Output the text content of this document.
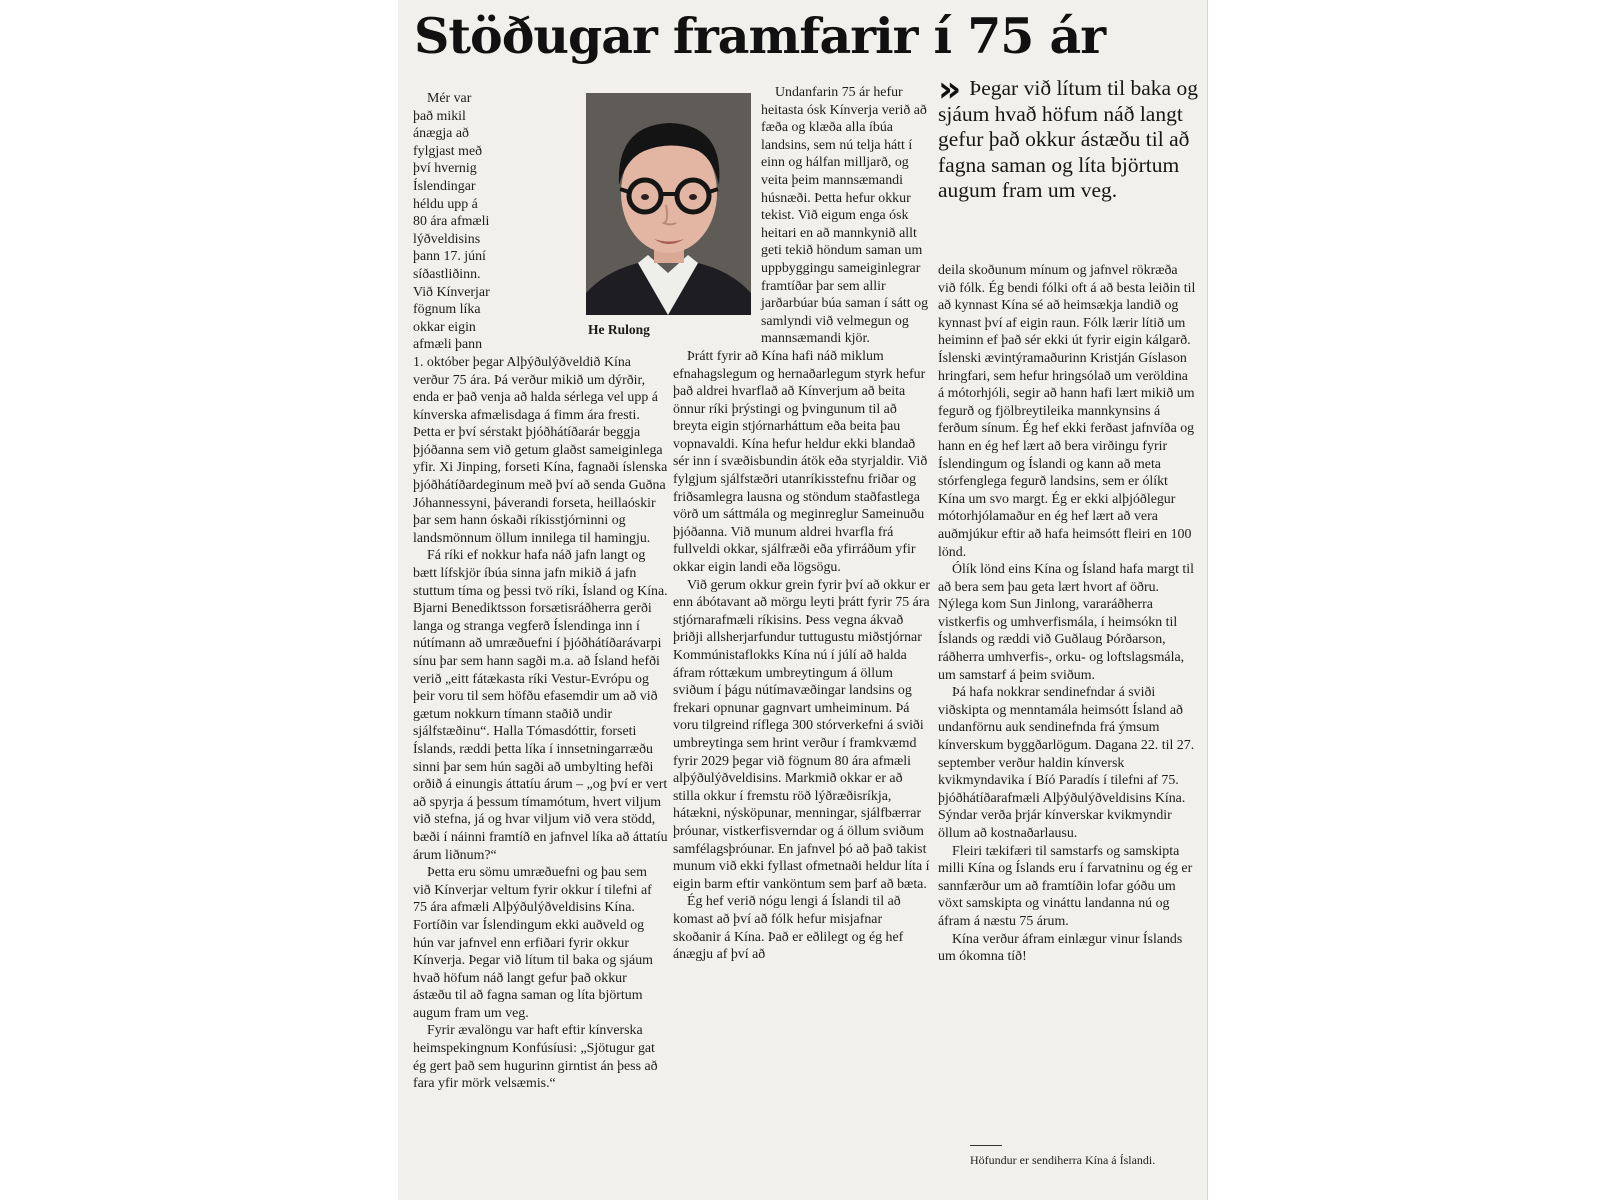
Stöðugar framfarir í 75 ár
He Rulong

Mér var það mikil ánægja að fylgjast með því hvernig Íslendingar héldu upp á 80 ára afmæli lýðveldisins þann 17. júní síðastliðinn. Við Kínverjar fögnum líka okkar eigin afmæli þann 1. október þegar Alþýðulýðveldið Kína verður 75 ára. Þá verður mikið um dýrðir, enda er það venja að halda sérlega vel upp á kínverska afmælisdaga á fimm ára fresti. Þetta er því sérstakt þjóðhátíðarár beggja þjóðanna sem við getum glaðst sameiginlega yfir. Xi Jinping, forseti Kína, fagnaði íslenska þjóðhátíðardeginum með því að senda Guðna Jóhannessyni, þáverandi forseta, heillaóskir þar sem hann óskaði ríkisstjórninni og landsmönnum öllum innilega til hamingju.

Fá ríki ef nokkur hafa náð jafn langt og bætt lífskjör íbúa sinna jafn mikið á jafn stuttum tíma og þessi tvö ríki, Ísland og Kína. Bjarni Benediktsson forsætisráðherra gerði langa og stranga vegferð Íslendinga inn í nútímann að umræðuefni í þjóðhátíðarávarpi sínu þar sem hann sagði m.a. að Ísland hefði verið „eitt fátækasta ríki Vestur-Evrópu og þeir voru til sem höfðu efasemdir um að við gætum nokkurn tímann staðið undir sjálfstæðinu“. Halla Tómasdóttir, forseti Íslands, ræddi þetta líka í innsetningarræðu sinni þar sem hún sagði að umbylting hefði orðið á einungis áttatíu árum – „og því er vert að spyrja á þessum tímamótum, hvert viljum við stefna, já og hvar viljum við vera stödd, bæði í náinni framtíð en jafnvel líka að áttatíu árum liðnum?“

Þetta eru sömu umræðuefni og þau sem við Kínverjar veltum fyrir okkur í tilefni af 75 ára afmæli Alþýðulýðveldisins Kína. Fortíðin var Íslendingum ekki auðveld og hún var jafnvel enn erfiðari fyrir okkur Kínverja. Þegar við lítum til baka og sjáum hvað höfum náð langt gefur það okkur ástæðu til að fagna saman og líta björtum augum fram um veg.

Fyrir ævalöngu var haft eftir kínverska heimspekingnum Konfúsíusi: „Sjötugur gat ég gert það sem hugurinn girntist án þess að fara yfir mörk velsæmis.“

Undanfarin 75 ár hefur heitasta ósk Kínverja verið að fæða og klæða alla íbúa landsins, sem nú telja hátt í einn og hálfan milljarð, og veita þeim mannsæmandi húsnæði. Þetta hefur okkur tekist. Við eigum enga ósk heitari en að mannkynið allt geti tekið höndum saman um uppbyggingu sameiginlegrar framtíðar þar sem allir jarðarbúar búa saman í sátt og samlyndi við velmegun og mannsæmandi kjör.

Þrátt fyrir að Kína hafi náð miklum efnahagslegum og hernaðarlegum styrk hefur það aldrei hvarflað að Kínverjum að beita önnur ríki þrýstingi og þvingunum til að breyta eigin stjórnarháttum eða beita þau vopnavaldi. Kína hefur heldur ekki blandað sér inn í svæðisbundin átök eða styrjaldir. Við fylgjum sjálfstæðri utanríkisstefnu friðar og friðsamlegra lausna og stöndum staðfastlega vörð um sáttmála og meginreglur Sameinuðu þjóðanna. Við munum aldrei hvarfla frá fullveldi okkar, sjálfræði eða yfirráðum yfir okkar eigin landi eða lögsögu.

Við gerum okkur grein fyrir því að okkur er enn ábótavant að mörgu leyti þrátt fyrir 75 ára stjórnarafmæli ríkisins. Þess vegna ákvað þriðji allsherjarfundur tuttugustu miðstjórnar Kommúnistaflokks Kína nú í júlí að halda áfram róttækum umbreytingum á öllum sviðum í þágu nútímavæðingar landsins og frekari opnunar gagnvart umheiminum. Þá voru tilgreind ríflega 300 stórverkefni á sviði umbreytinga sem hrint verður í framkvæmd fyrir 2029 þegar við fögnum 80 ára afmæli alþýðulýðveldisins. Markmið okkar er að stilla okkur í fremstu röð lýðræðisríkja, hátækni, nýsköpunar, menningar, sjálfbærrar þróunar, vistkerfisverndar og á öllum sviðum samfélagsþróunar. En jafnvel þó að það takist munum við ekki fyllast ofmetnaði heldur líta í eigin barm eftir vanköntum sem þarf að bæta.

Ég hef verið nógu lengi á Íslandi til að komast að því að fólk hefur misjafnar skoðanir á Kína. Það er eðlilegt og ég hef ánægju af því að

» Þegar við lítum til baka og sjáum hvað höfum náð langt gefur það okkur ástæðu til að fagna saman og líta björtum augum fram um veg.

deila skoðunum mínum og jafnvel rökræða við fólk. Ég bendi fólki oft á að besta leiðin til að kynnast Kína sé að heimsækja landið og kynnast því af eigin raun. Fólk lærir lítið um heiminn ef það sér ekki út fyrir eigin kálgarð. Íslenski ævintýramaðurinn Kristján Gíslason hringfari, sem hefur hringsólað um veröldina á mótorhjóli, segir að hann hafi lært mikið um fegurð og fjölbreytileika mannkynsins á ferðum sínum. Ég hef ekki ferðast jafnvíða og hann en ég hef lært að bera virðingu fyrir Íslendingum og Íslandi og kann að meta stórfenglega fegurð landsins, sem er ólíkt Kína um svo margt. Ég er ekki alþjóðlegur mótorhjólamaður en ég hef lært að vera auðmjúkur eftir að hafa heimsótt fleiri en 100 lönd.

Ólík lönd eins Kína og Ísland hafa margt til að bera sem þau geta lært hvort af öðru. Nýlega kom Sun Jinlong, vararáðherra vistkerfis og umhverfismála, í heimsókn til Íslands og ræddi við Guðlaug Þórðarson, ráðherra umhverfis-, orku- og loftslagsmála, um samstarf á þeim sviðum.

Þá hafa nokkrar sendinefndar á sviði viðskipta og menntamála heimsótt Ísland að undanförnu auk sendinefnda frá ýmsum kínverskum byggðarlögum. Dagana 22. til 27. september verður haldin kínversk kvikmyndavika í Bíó Paradís í tilefni af 75. þjóðhátíðarafmæli Alþýðulýðveldisins Kína. Sýndar verða þrjár kínverskar kvikmyndir öllum að kostnaðarlausu.

Fleiri tækifæri til samstarfs og samskipta milli Kína og Íslands eru í farvatninu og ég er sannfærður um að framtíðin lofar góðu um vöxt samskipta og vináttu landanna nú og áfram á næstu 75 árum.

Kína verður áfram einlægur vinur Íslands um ókomna tíð!

Höfundur er sendiherra Kína á Íslandi.
